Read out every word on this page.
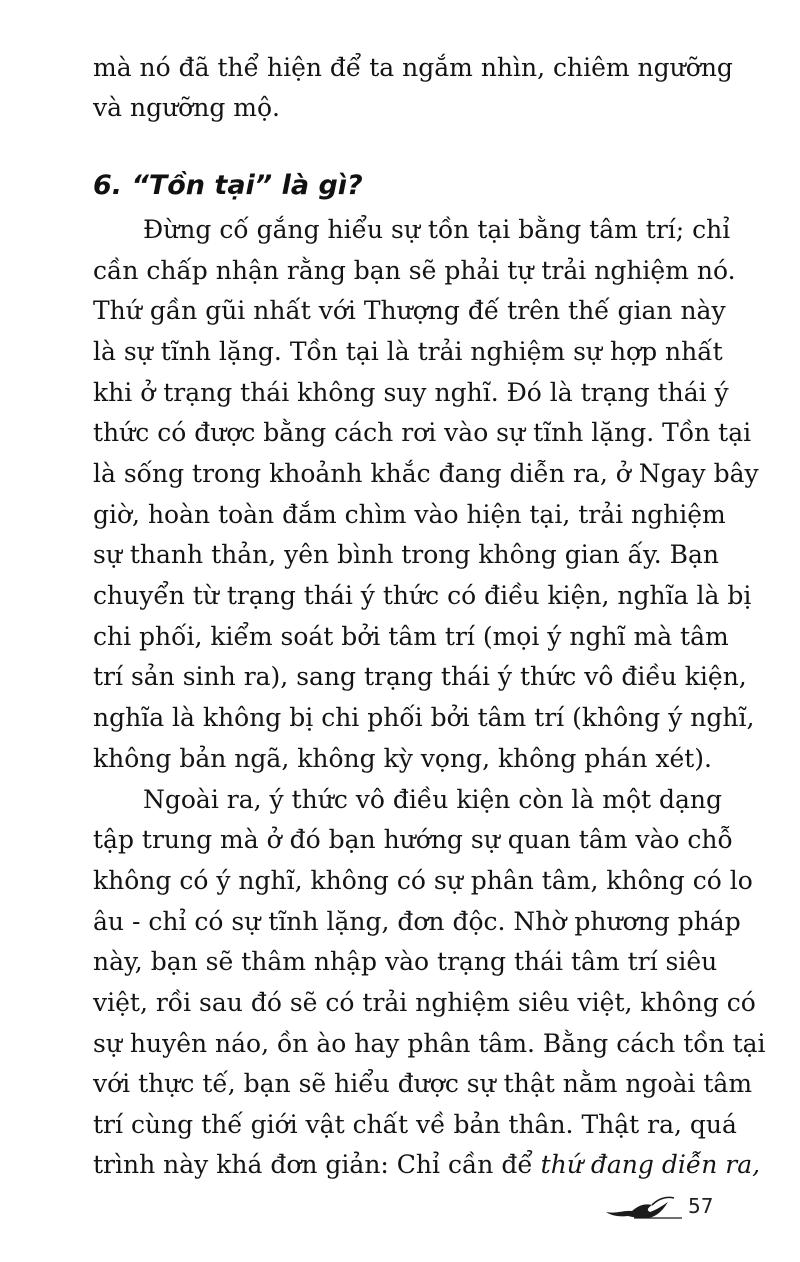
mà nó đã thể hiện để ta ngắm nhìn, chiêm ngưỡng
và ngưỡng mộ.
6. “Tồn tại” là gì?
Đừng cố gắng hiểu sự tồn tại bằng tâm trí; chỉ
cần chấp nhận rằng bạn sẽ phải tự trải nghiệm nó.
Thứ gần gũi nhất với Thượng đế trên thế gian này
là sự tĩnh lặng. Tồn tại là trải nghiệm sự hợp nhất
khi ở trạng thái không suy nghĩ. Đó là trạng thái ý
thức có được bằng cách rơi vào sự tĩnh lặng. Tồn tại
là sống trong khoảnh khắc đang diễn ra, ở Ngay bây
giờ, hoàn toàn đắm chìm vào hiện tại, trải nghiệm
sự thanh thản, yên bình trong không gian ấy. Bạn
chuyển từ trạng thái ý thức có điều kiện, nghĩa là bị
chi phối, kiểm soát bởi tâm trí (mọi ý nghĩ mà tâm
trí sản sinh ra), sang trạng thái ý thức vô điều kiện,
nghĩa là không bị chi phối bởi tâm trí (không ý nghĩ,
không bản ngã, không kỳ vọng, không phán xét).
Ngoài ra, ý thức vô điều kiện còn là một dạng
tập trung mà ở đó bạn hướng sự quan tâm vào chỗ
không có ý nghĩ, không có sự phân tâm, không có lo
âu - chỉ có sự tĩnh lặng, đơn độc. Nhờ phương pháp
này, bạn sẽ thâm nhập vào trạng thái tâm trí siêu
việt, rồi sau đó sẽ có trải nghiệm siêu việt, không có
sự huyên náo, ồn ào hay phân tâm. Bằng cách tồn tại
với thực tế, bạn sẽ hiểu được sự thật nằm ngoài tâm
trí cùng thế giới vật chất về bản thân. Thật ra, quá
trình này khá đơn giản: Chỉ cần để thứ đang diễn ra,
57
